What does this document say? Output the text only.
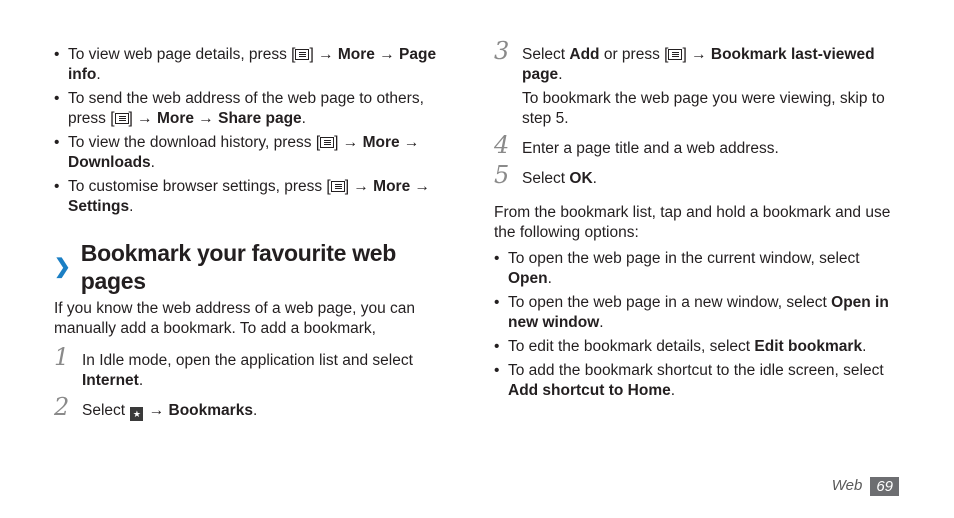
• To view web page details, press [ ] → More → Page info.
• To send the web address of the web page to others, press [ ] → More → Share page.
• To view the download history, press [ ] → More → Downloads.
• To customise browser settings, press [ ] → More → Settings.
❯
Bookmark your favourite web pages
If you know the web address of a web page, you can manually add a bookmark. To add a bookmark,
1 In Idle mode, open the application list and select Internet.
2 Select ★ → Bookmarks.
3 Select Add or press [ ] → Bookmark last-viewed page.
To bookmark the web page you were viewing, skip to step 5.
4 Enter a page title and a web address.
5 Select OK.
From the bookmark list, tap and hold a bookmark and use the following options:
• To open the web page in the current window, select Open.
• To open the web page in a new window, select Open in new window.
• To edit the bookmark details, select Edit bookmark.
• To add the bookmark shortcut to the idle screen, select Add shortcut to Home.
Web 69
